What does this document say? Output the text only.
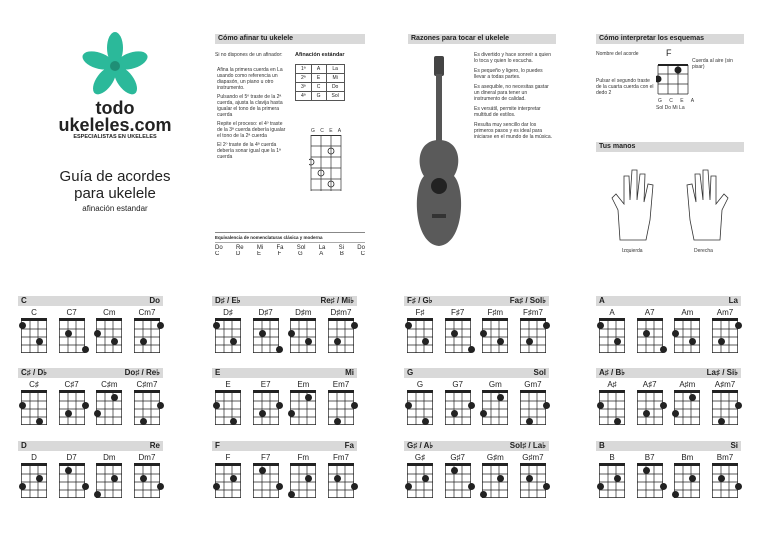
todo
ukeleles.com
ESPECIALISTAS EN UKELELES
Guía de acordes
para ukelele
afinación estandar
Cómo afinar tu ukelele
Si no dispones de un afinador:
Afina la primera cuerda en La usando como referencia un diapasón, un piano u otro instrumento.
Pulsando el 5º traste de la 2ª cuerda, ajusta la clavija hasta igualar el tono de la primera cuerda
Repite el proceso: el 4º traste de la 3ª cuerda debería igualar el tono de la 2ª cuerda
El 2º traste de la 4ª cuerda debería sonar igual que la 1ª cuerda
Afinación estándar
1ª	A	La
2ª	E	Mi
3ª	C	Do
4ª	G	Sol
G C E A
Equivalencia de nomenclaturas clásica y moderna
Do Re Mi Fa Sol La Si Do
C	D	E	F	G	A	B	C
Razones para tocar el ukelele
Es divertido y hace sonreír a quien lo toca y quien lo escucha.
Es pequeño y ligero, lo puedes llevar a todas partes.
Es asequible, no necesitas gastar un dineral para tener un instrumento de calidad.
Es versátil, permite interpretar multitud de estilos.
Resulta muy sencillo dar los primeros pasos y es ideal para iniciarse en el mundo de la música.
Cómo interpretar los esquemas
Nombre del acorde	F
Cuerda al aire (sin pisar)
Pulsar el segundo traste de la cuarta cuerda con el dedo 2
G C E A
Sol Do Mi La
Tus manos
Izquierda	Derecha
C	Do
C	C7	Cm	Cm7
C♯ / D♭	Do♯ / Re♭
C♯	C♯7	C♯m	C♯m7
D	Re
D	D7	Dm	Dm7
D♯ / E♭	Re♯ / Mi♭
D♯	D♯7	D♯m	D♯m7
E	Mi
E	E7	Em	Em7
F	Fa
F	F7	Fm	Fm7
F♯ / G♭	Fa♯ / Sol♭
F♯	F♯7	F♯m	F♯m7
G	Sol
G	G7	Gm	Gm7
G♯ / A♭	Sol♯ / La♭
G♯	G♯7	G♯m	G♯m7
A	La
A	A7	Am	Am7
A♯ / B♭	La♯ / Si♭
A♯	A♯7	A♯m	A♯m7
B	Si
B	B7	Bm	Bm7
